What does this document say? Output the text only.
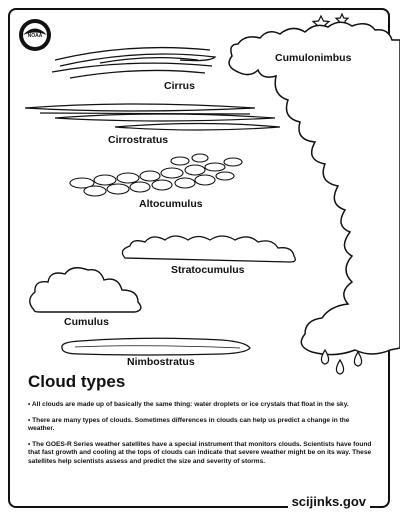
NOAA
Cumulonimbus
Cirrus
Cirrostratus
Altocumulus
Stratocumulus
Cumulus
Nimbostratus
Cloud types

• All clouds are made up of basically the same thing: water droplets or ice crystals that float in the sky.

• There are many types of clouds. Sometimes differences in clouds can help us predict a change in the weather.

• The GOES-R Series weather satellites have a special instrument that monitors clouds. Scientists have found that fast growth and cooling at the tops of clouds can indicate that severe weather might be on its way. These satellites help scientists assess and predict the size and severity of storms.

scijinks.gov
